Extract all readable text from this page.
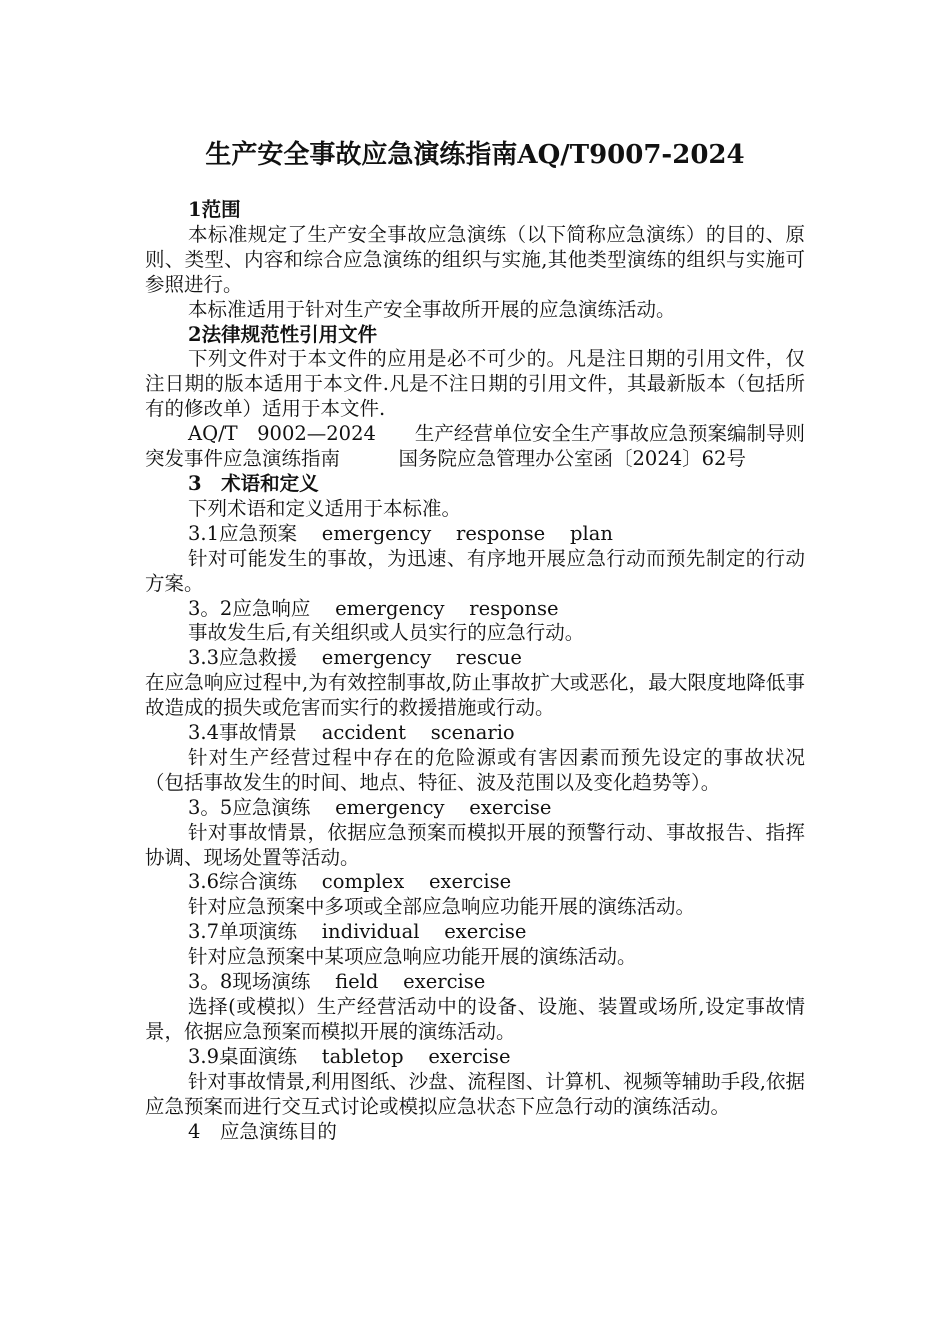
生产安全事故应急演练指南AQ/T9007-2024

1范围

本标准规定了生产安全事故应急演练（以下简称应急演练）的目的、原则、类型、内容和综合应急演练的组织与实施,其他类型演练的组织与实施可参照进行。

本标准适用于针对生产安全事故所开展的应急演练活动。

2法律规范性引用文件

下列文件对于本文件的应用是必不可少的。凡是注日期的引用文件，仅注日期的版本适用于本文件.凡是不注日期的引用文件，其最新版本（包括所有的修改单）适用于本文件.

AQ/T　9002—2024　　生产经营单位安全生产事故应急预案编制导则突发事件应急演练指南　　　国务院应急管理办公室函〔2024〕62号

3　术语和定义

下列术语和定义适用于本标准。

3.1应急预案    emergency    response    plan

针对可能发生的事故，为迅速、有序地开展应急行动而预先制定的行动方案。

3。2应急响应    emergency    response

事故发生后,有关组织或人员实行的应急行动。

3.3应急救援    emergency    rescue

在应急响应过程中,为有效控制事故,防止事故扩大或恶化，最大限度地降低事故造成的损失或危害而实行的救援措施或行动。

3.4事故情景    accident    scenario

针对生产经营过程中存在的危险源或有害因素而预先设定的事故状况（包括事故发生的时间、地点、特征、波及范围以及变化趋势等）。

3。5应急演练    emergency    exercise

针对事故情景，依据应急预案而模拟开展的预警行动、事故报告、指挥协调、现场处置等活动。

3.6综合演练    complex    exercise

针对应急预案中多项或全部应急响应功能开展的演练活动。

3.7单项演练    individual    exercise

针对应急预案中某项应急响应功能开展的演练活动。

3。8现场演练    field    exercise

选择(或模拟）生产经营活动中的设备、设施、装置或场所,设定事故情景，依据应急预案而模拟开展的演练活动。

3.9桌面演练    tabletop    exercise

针对事故情景,利用图纸、沙盘、流程图、计算机、视频等辅助手段,依据应急预案而进行交互式讨论或模拟应急状态下应急行动的演练活动。

4　应急演练目的
